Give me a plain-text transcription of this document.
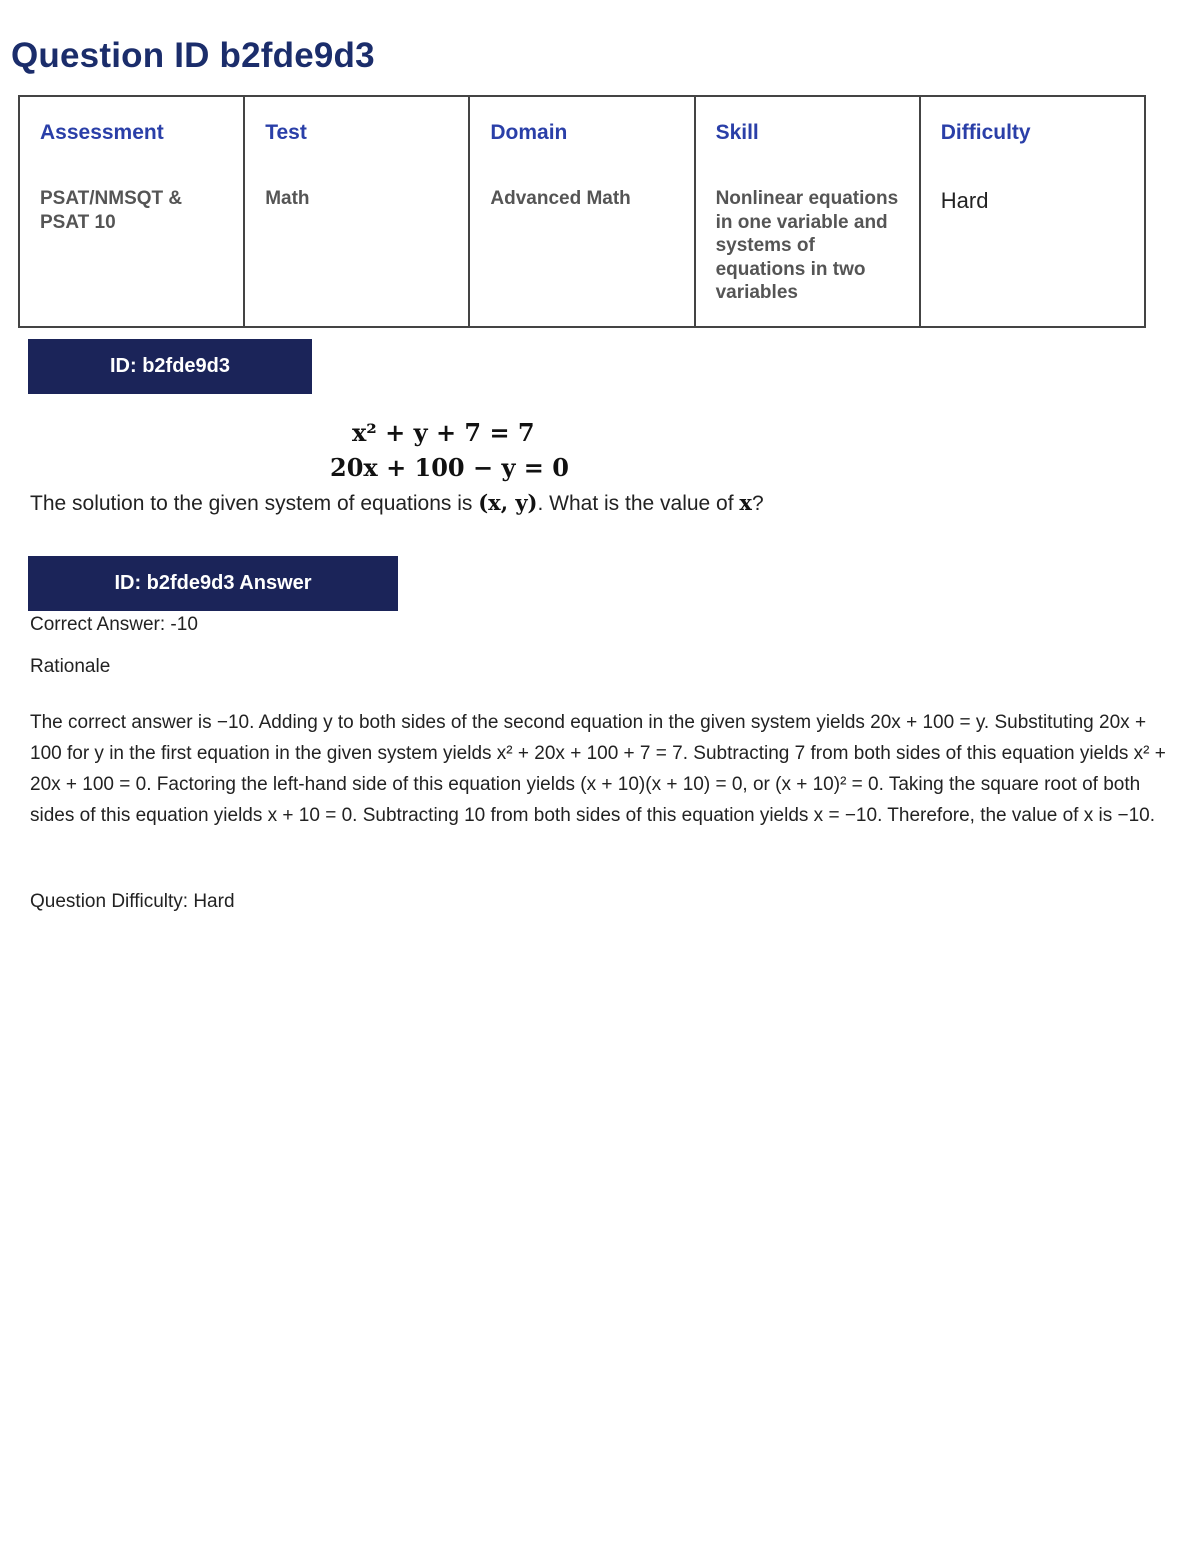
Question ID b2fde9d3
Assessment
PSAT/NMSQT & PSAT 10

Test
Math

Domain
Advanced Math

Skill
Nonlinear equations in one variable and systems of equations in two variables

Difficulty
Hard
ID: b2fde9d3
x² + y + 7 = 7
20x + 100 − y = 0
The solution to the given system of equations is (x, y). What is the value of x?
ID: b2fde9d3 Answer
Correct Answer: -10
Rationale
The correct answer is −10. Adding y to both sides of the second equation in the given system yields 20x + 100 = y. Substituting 20x + 100 for y in the first equation in the given system yields x² + 20x + 100 + 7 = 7. Subtracting 7 from both sides of this equation yields x² + 20x + 100 = 0. Factoring the left-hand side of this equation yields (x + 10)(x + 10) = 0, or (x + 10)² = 0. Taking the square root of both sides of this equation yields x + 10 = 0. Subtracting 10 from both sides of this equation yields x = −10. Therefore, the value of x is −10.
Question Difficulty: Hard
